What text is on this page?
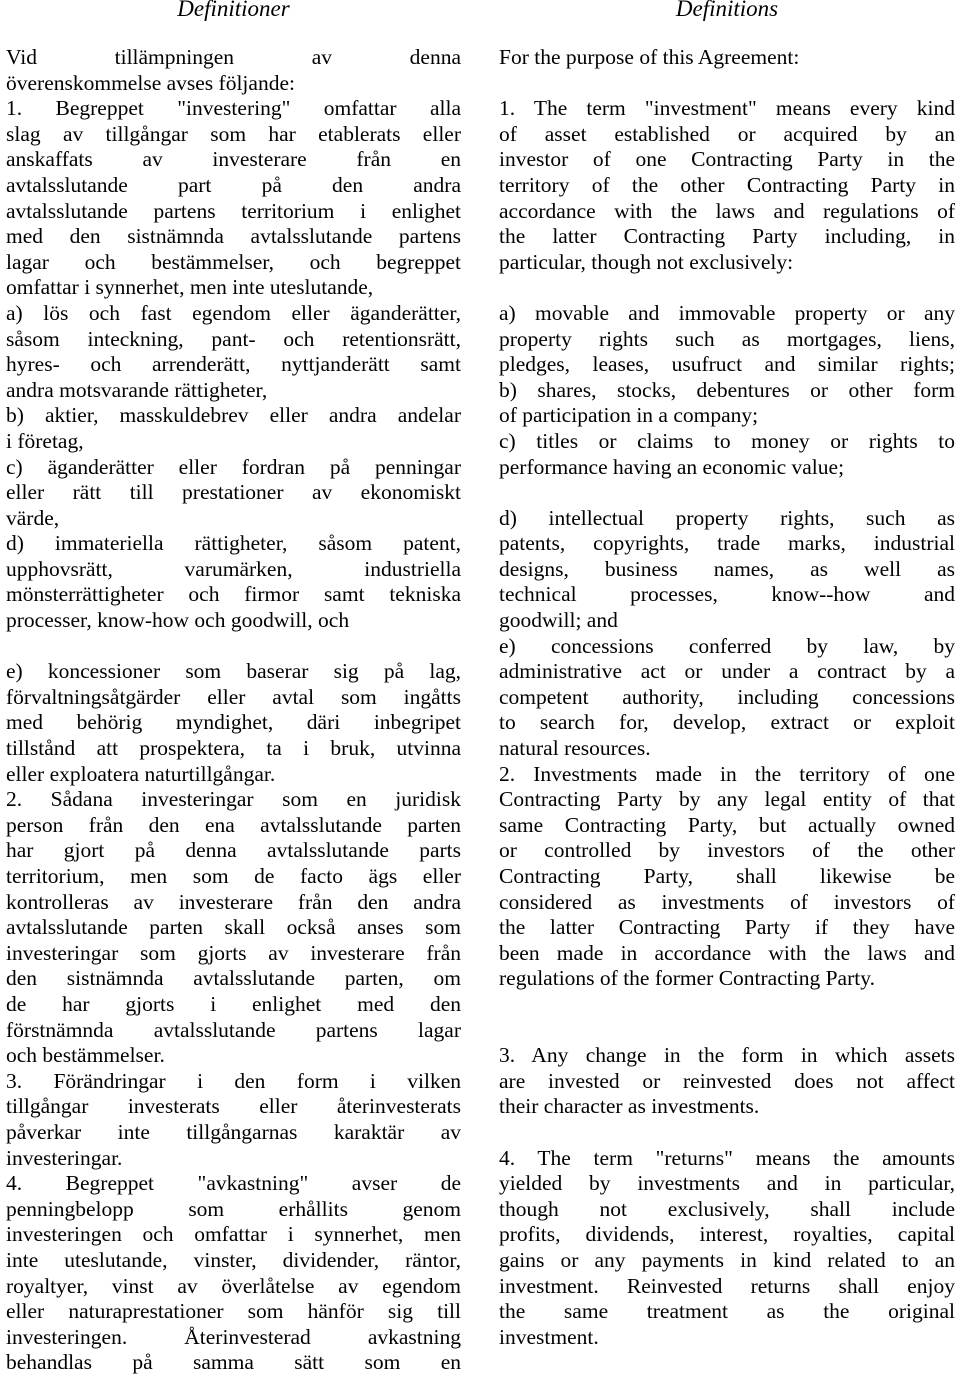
Definitioner
Vid tillämpningen av denna
överenskommelse avses följande:
1. Begreppet "investering" omfattar alla
slag av tillgångar som har etablerats eller
anskaffats av investerare från en
avtalsslutande part på den andra
avtalsslutande partens territorium i enlighet
med den sistnämnda avtalsslutande partens
lagar och bestämmelser, och begreppet
omfattar i synnerhet, men inte uteslutande,
a) lös och fast egendom eller äganderätter,
såsom inteckning, pant- och retentionsrätt,
hyres- och arrenderätt, nyttjanderätt samt
andra motsvarande rättigheter,
b) aktier, masskuldebrev eller andra andelar
i företag,
c) äganderätter eller fordran på penningar
eller rätt till prestationer av ekonomiskt
värde,
d) immateriella rättigheter, såsom patent,
upphovsrätt, varumärken, industriella
mönsterrättigheter och firmor samt tekniska
processer, know-how och goodwill, och
e) koncessioner som baserar sig på lag,
förvaltningsåtgärder eller avtal som ingåtts
med behörig myndighet, däri inbegripet
tillstånd att prospektera, ta i bruk, utvinna
eller exploatera naturtillgångar.
2. Sådana investeringar som en juridisk
person från den ena avtalsslutande parten
har gjort på denna avtalsslutande parts
territorium, men som de facto ägs eller
kontrolleras av investerare från den andra
avtalsslutande parten skall också anses som
investeringar som gjorts av investerare från
den sistnämnda avtalsslutande parten, om
de har gjorts i enlighet med den
förstnämnda avtalsslutande partens lagar
och bestämmelser.
3. Förändringar i den form i vilken
tillgångar investerats eller återinvesterats
påverkar inte tillgångarnas karaktär av
investeringar.
4. Begreppet "avkastning" avser de
penningbelopp som erhållits genom
investeringen och omfattar i synnerhet, men
inte uteslutande, vinster, dividender, räntor,
royaltyer, vinst av överlåtelse av egendom
eller naturaprestationer som hänför sig till
investeringen. Återinvesterad avkastning
behandlas på samma sätt som en
Definitions
For the purpose of this Agreement:
1. The term "investment" means every kind
of asset established or acquired by an
investor of one Contracting Party in the
territory of the other Contracting Party in
accordance with the laws and regulations of
the latter Contracting Party including, in
particular, though not exclusively:
a) movable and immovable property or any
property rights such as mortgages, liens,
pledges, leases, usufruct and similar rights;
b) shares, stocks, debentures or other form
of participation in a company;
c) titles or claims to money or rights to
performance having an economic value;
d) intellectual property rights, such as
patents, copyrights, trade marks, industrial
designs, business names, as well as
technical processes, know--how and
goodwill; and
e) concessions conferred by law, by
administrative act or under a contract by a
competent authority, including concessions
to search for, develop, extract or exploit
natural resources.
2. Investments made in the territory of one
Contracting Party by any legal entity of that
same Contracting Party, but actually owned
or controlled by investors of the other
Contracting Party, shall likewise be
considered as investments of investors of
the latter Contracting Party if they have
been made in accordance with the laws and
regulations of the former Contracting Party.
3. Any change in the form in which assets
are invested or reinvested does not affect
their character as investments.
4. The term "returns" means the amounts
yielded by investments and in particular,
though not exclusively, shall include
profits, dividends, interest, royalties, capital
gains or any payments in kind related to an
investment. Reinvested returns shall enjoy
the same treatment as the original
investment.
